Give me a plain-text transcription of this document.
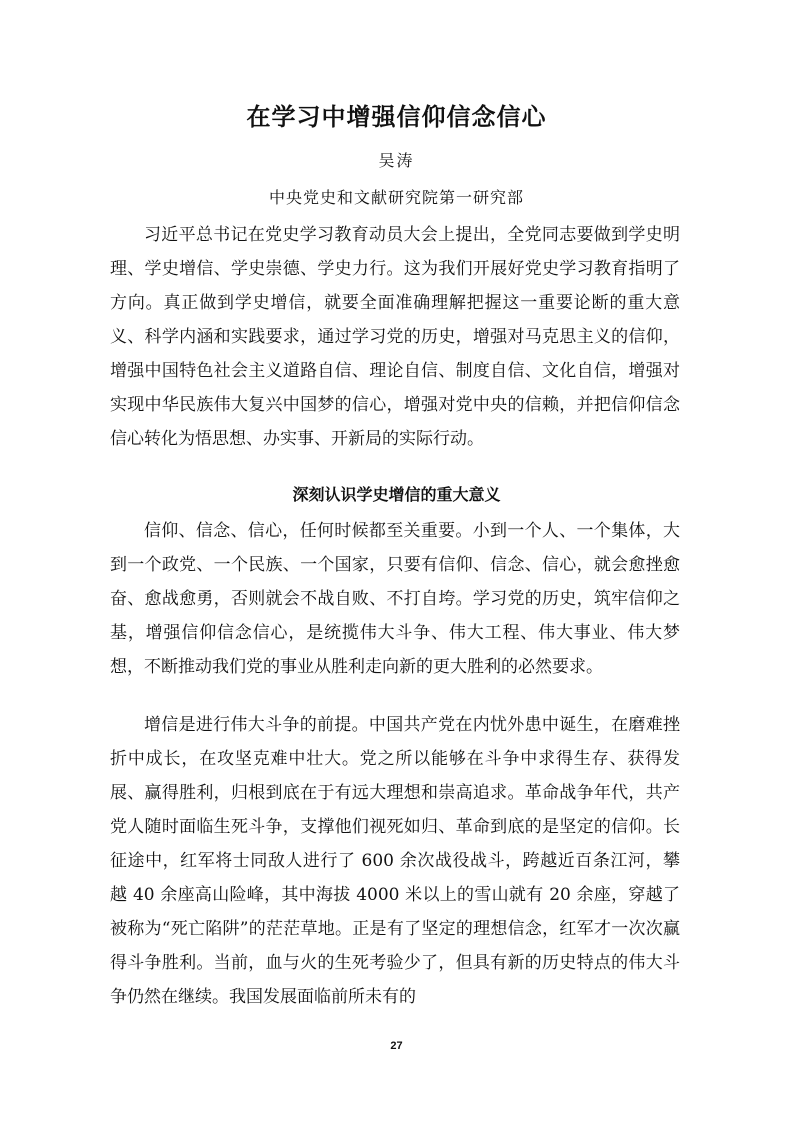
在学习中增强信仰信念信心
吴涛
中央党史和文献研究院第一研究部

习近平总书记在党史学习教育动员大会上提出，全党同志要做到学史明理、学史增信、学史崇德、学史力行。这为我们开展好党史学习教育指明了方向。真正做到学史增信，就要全面准确理解把握这一重要论断的重大意义、科学内涵和实践要求，通过学习党的历史，增强对马克思主义的信仰，增强中国特色社会主义道路自信、理论自信、制度自信、文化自信，增强对实现中华民族伟大复兴中国梦的信心，增强对党中央的信赖，并把信仰信念信心转化为悟思想、办实事、开新局的实际行动。

深刻认识学史增信的重大意义

信仰、信念、信心，任何时候都至关重要。小到一个人、一个集体，大到一个政党、一个民族、一个国家，只要有信仰、信念、信心，就会愈挫愈奋、愈战愈勇，否则就会不战自败、不打自垮。学习党的历史，筑牢信仰之基，增强信仰信念信心，是统揽伟大斗争、伟大工程、伟大事业、伟大梦想，不断推动我们党的事业从胜利走向新的更大胜利的必然要求。

增信是进行伟大斗争的前提。中国共产党在内忧外患中诞生，在磨难挫折中成长，在攻坚克难中壮大。党之所以能够在斗争中求得生存、获得发展、赢得胜利，归根到底在于有远大理想和崇高追求。革命战争年代，共产党人随时面临生死斗争，支撑他们视死如归、革命到底的是坚定的信仰。长征途中，红军将士同敌人进行了 600 余次战役战斗，跨越近百条江河，攀越 40 余座高山险峰，其中海拔 4000 米以上的雪山就有 20 余座，穿越了被称为“死亡陷阱”的茫茫草地。正是有了坚定的理想信念，红军才一次次赢得斗争胜利。当前，血与火的生死考验少了，但具有新的历史特点的伟大斗争仍然在继续。我国发展面临前所未有的

27
